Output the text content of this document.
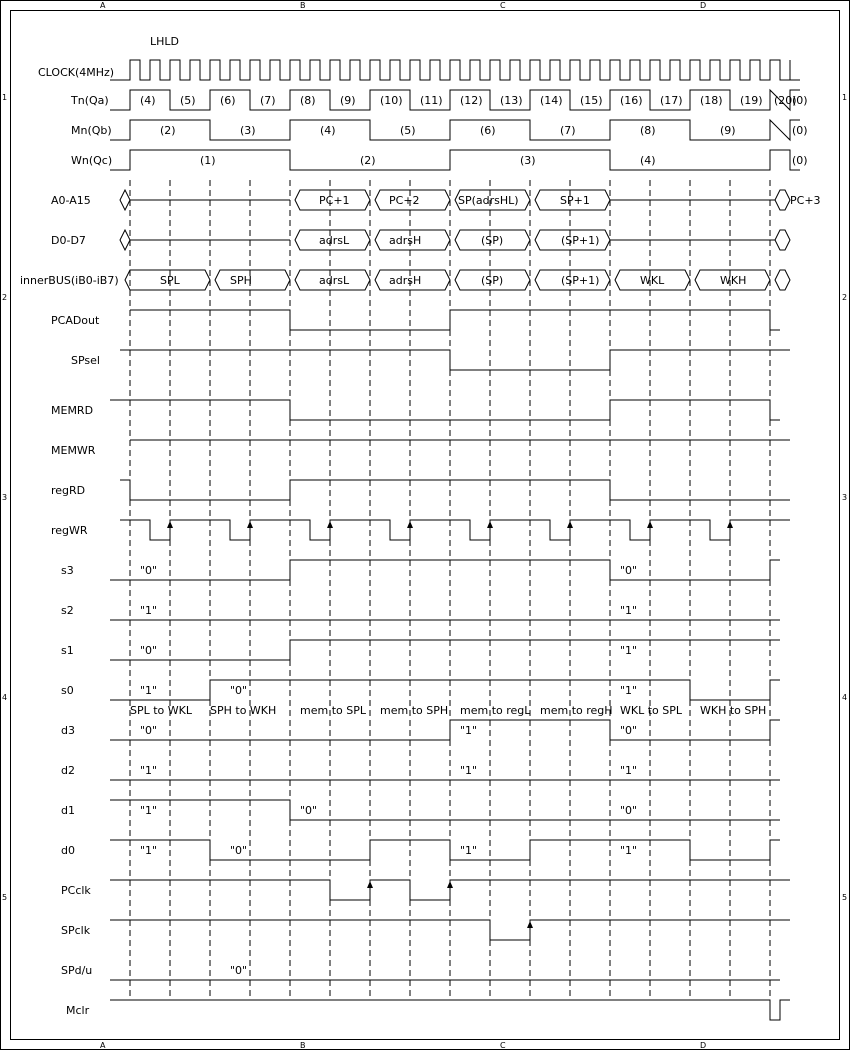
A	B	C	D
A	B	C	D
1
2
3
4
5
1
2
3
4
5
LHLD
CLOCK(4MHz)
Tn(Qa)
Mn(Qb)
Wn(Qc)
A0-A15
D0-D7
innerBUS(iB0-iB7)
PCADout
SPsel
MEMRD
MEMWR
regRD
regWR
s3
s2
s1
s0
d3
d2
d1
d0
PCclk
SPclk
SPd/u
Mclr
(4) (5) (6) (7) (8) (9) (10) (11) (12) (13) (14) (15) (16) (17) (18) (19) (20)
(0)
(2)	(3)	(4)	(5)	(6)	(7)	(8)	(9)	(0)
(1)	(2)	(3)	(4)	(0)
PC+1	PC+2	SP(adrsHL)	SP+1	PC+3
adrsL	adrsH	(SP)	(SP+1)
SPL	SPH	adrsL	adrsH	(SP)	(SP+1)	WKL	WKH
"0"	"0"
"1"	"1"
"0"	"1"
"1"	"0"	"1"
SPL to WKL SPH to WKH mem to SPL mem to SPH mem to regL mem to regH WKL to SPL WKH to SPH
"0"	"1"	"0"
"1"	"1"	"1"
"1"	"0"	"0"
"1"	"0"	"1"	"1"
"0"
